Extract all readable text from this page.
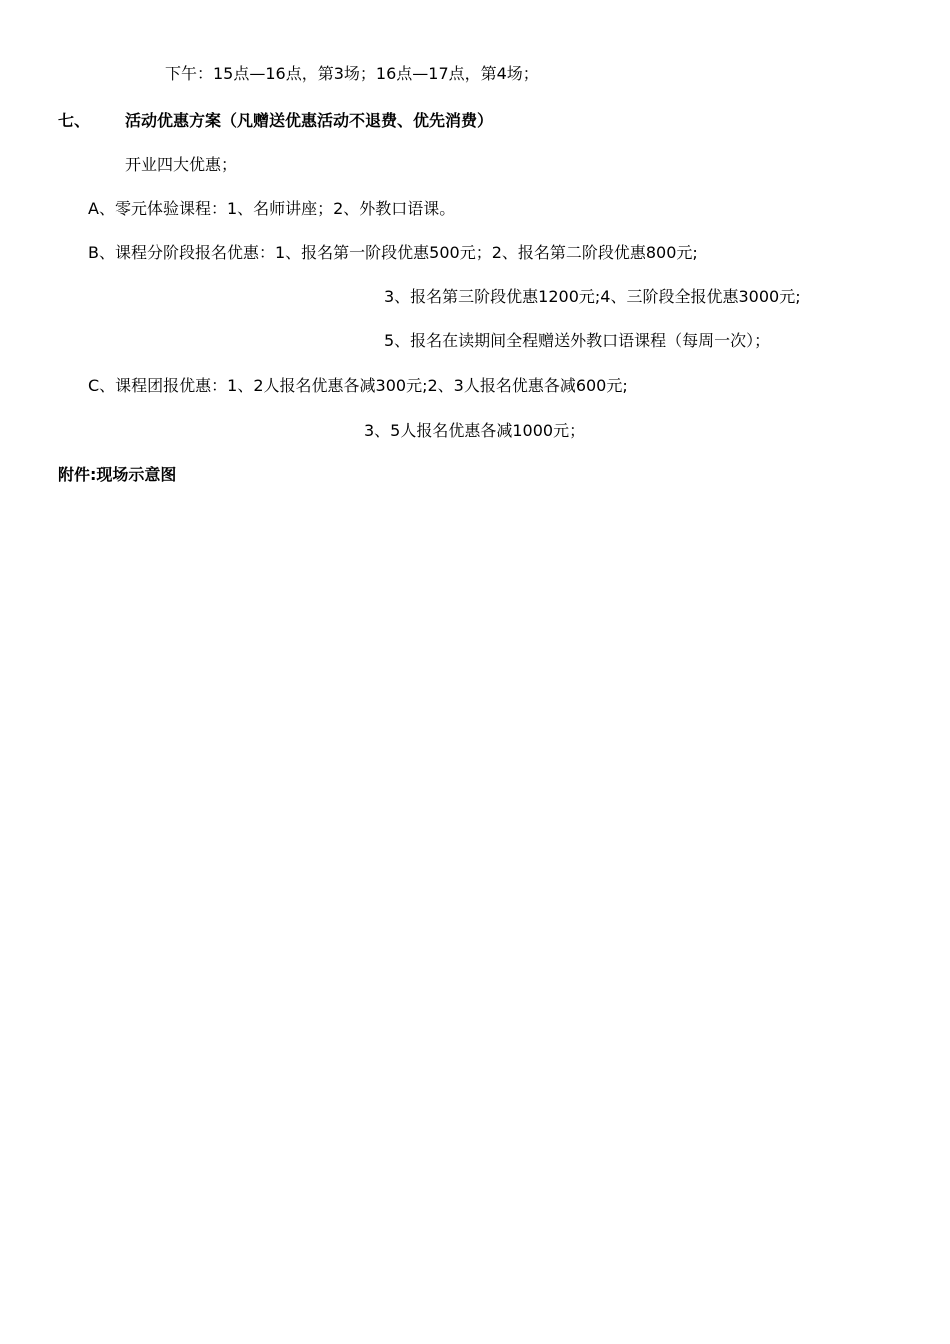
下午：15点—16点，第3场；16点—17点，第4场；
七、 活动优惠方案（凡赠送优惠活动不退费、优先消费）
开业四大优惠；
A、零元体验课程：1、名师讲座；2、外教口语课。
B、课程分阶段报名优惠：1、报名第一阶段优惠500元；2、报名第二阶段优惠800元;
3、报名第三阶段优惠1200元;4、三阶段全报优惠3000元;
5、报名在读期间全程赠送外教口语课程（每周一次）；
C、课程团报优惠：1、2人报名优惠各减300元;2、3人报名优惠各减600元;
3、5人报名优惠各减1000元；
附件:现场示意图
